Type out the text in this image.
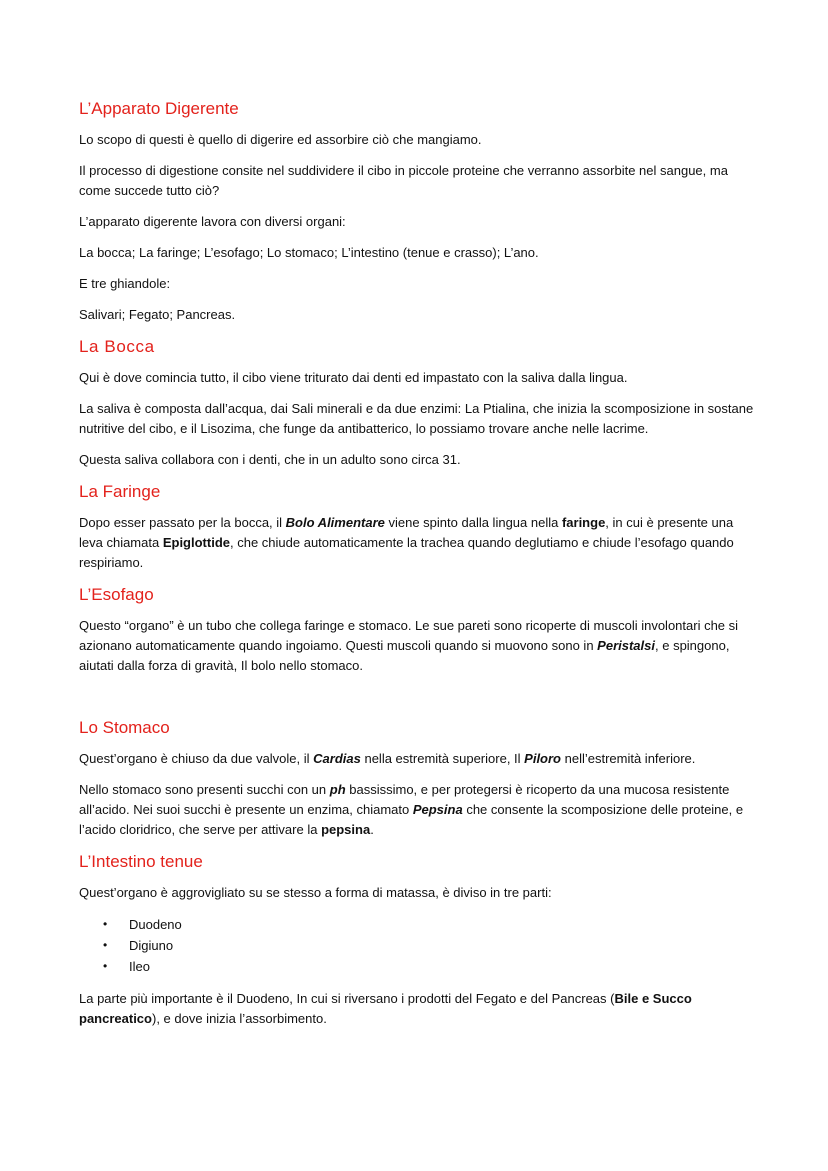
L’Apparato Digerente

Lo scopo di questi è quello di digerire ed assorbire ciò che mangiamo.

Il processo di digestione consite nel suddividere il cibo in piccole proteine che verranno assorbite nel sangue, ma come succede tutto ciò?

L’apparato digerente lavora con diversi organi:

La bocca; La faringe; L’esofago; Lo stomaco; L’intestino (tenue e crasso); L’ano.

E tre ghiandole:

Salivari; Fegato; Pancreas.

La Bocca

Qui è dove comincia tutto, il cibo viene triturato dai denti ed impastato con la saliva dalla lingua.

La saliva è composta dall’acqua, dai Sali minerali e da due enzimi: La Ptialina, che inizia la scomposizione in sostane nutritive del cibo, e il Lisozima, che funge da antibatterico, lo possiamo trovare anche nelle lacrime.

Questa saliva collabora con i denti, che in un adulto sono circa 31.

La Faringe

Dopo esser passato per la bocca, il Bolo Alimentare viene spinto dalla lingua nella faringe, in cui è presente una leva chiamata Epiglottide, che chiude automaticamente la trachea quando deglutiamo e chiude l’esofago quando respiriamo.

L’Esofago

Questo “organo” è un tubo che collega faringe e stomaco. Le sue pareti sono ricoperte di muscoli involontari che si azionano automaticamente quando ingoiamo. Questi muscoli quando si muovono sono in Peristalsi, e spingono, aiutati dalla forza di gravità, Il bolo nello stomaco.

Lo Stomaco

Quest’organo è chiuso da due valvole, il Cardias nella estremità superiore, Il Piloro nell’estremità inferiore.

Nello stomaco sono presenti succhi con un ph bassissimo, e per protegersi è ricoperto da una mucosa resistente all’acido. Nei suoi succhi è presente un enzima, chiamato Pepsina che consente la scomposizione delle proteine, e l’acido cloridrico, che serve per attivare la pepsina.

L’Intestino tenue

Quest’organo è aggrovigliato su se stesso a forma di matassa, è diviso in tre parti:

• Duodeno
• Digiuno
• Ileo

La parte più importante è il Duodeno, In cui si riversano i prodotti del Fegato e del Pancreas (Bile e Succo pancreatico), e dove inizia l’assorbimento.
